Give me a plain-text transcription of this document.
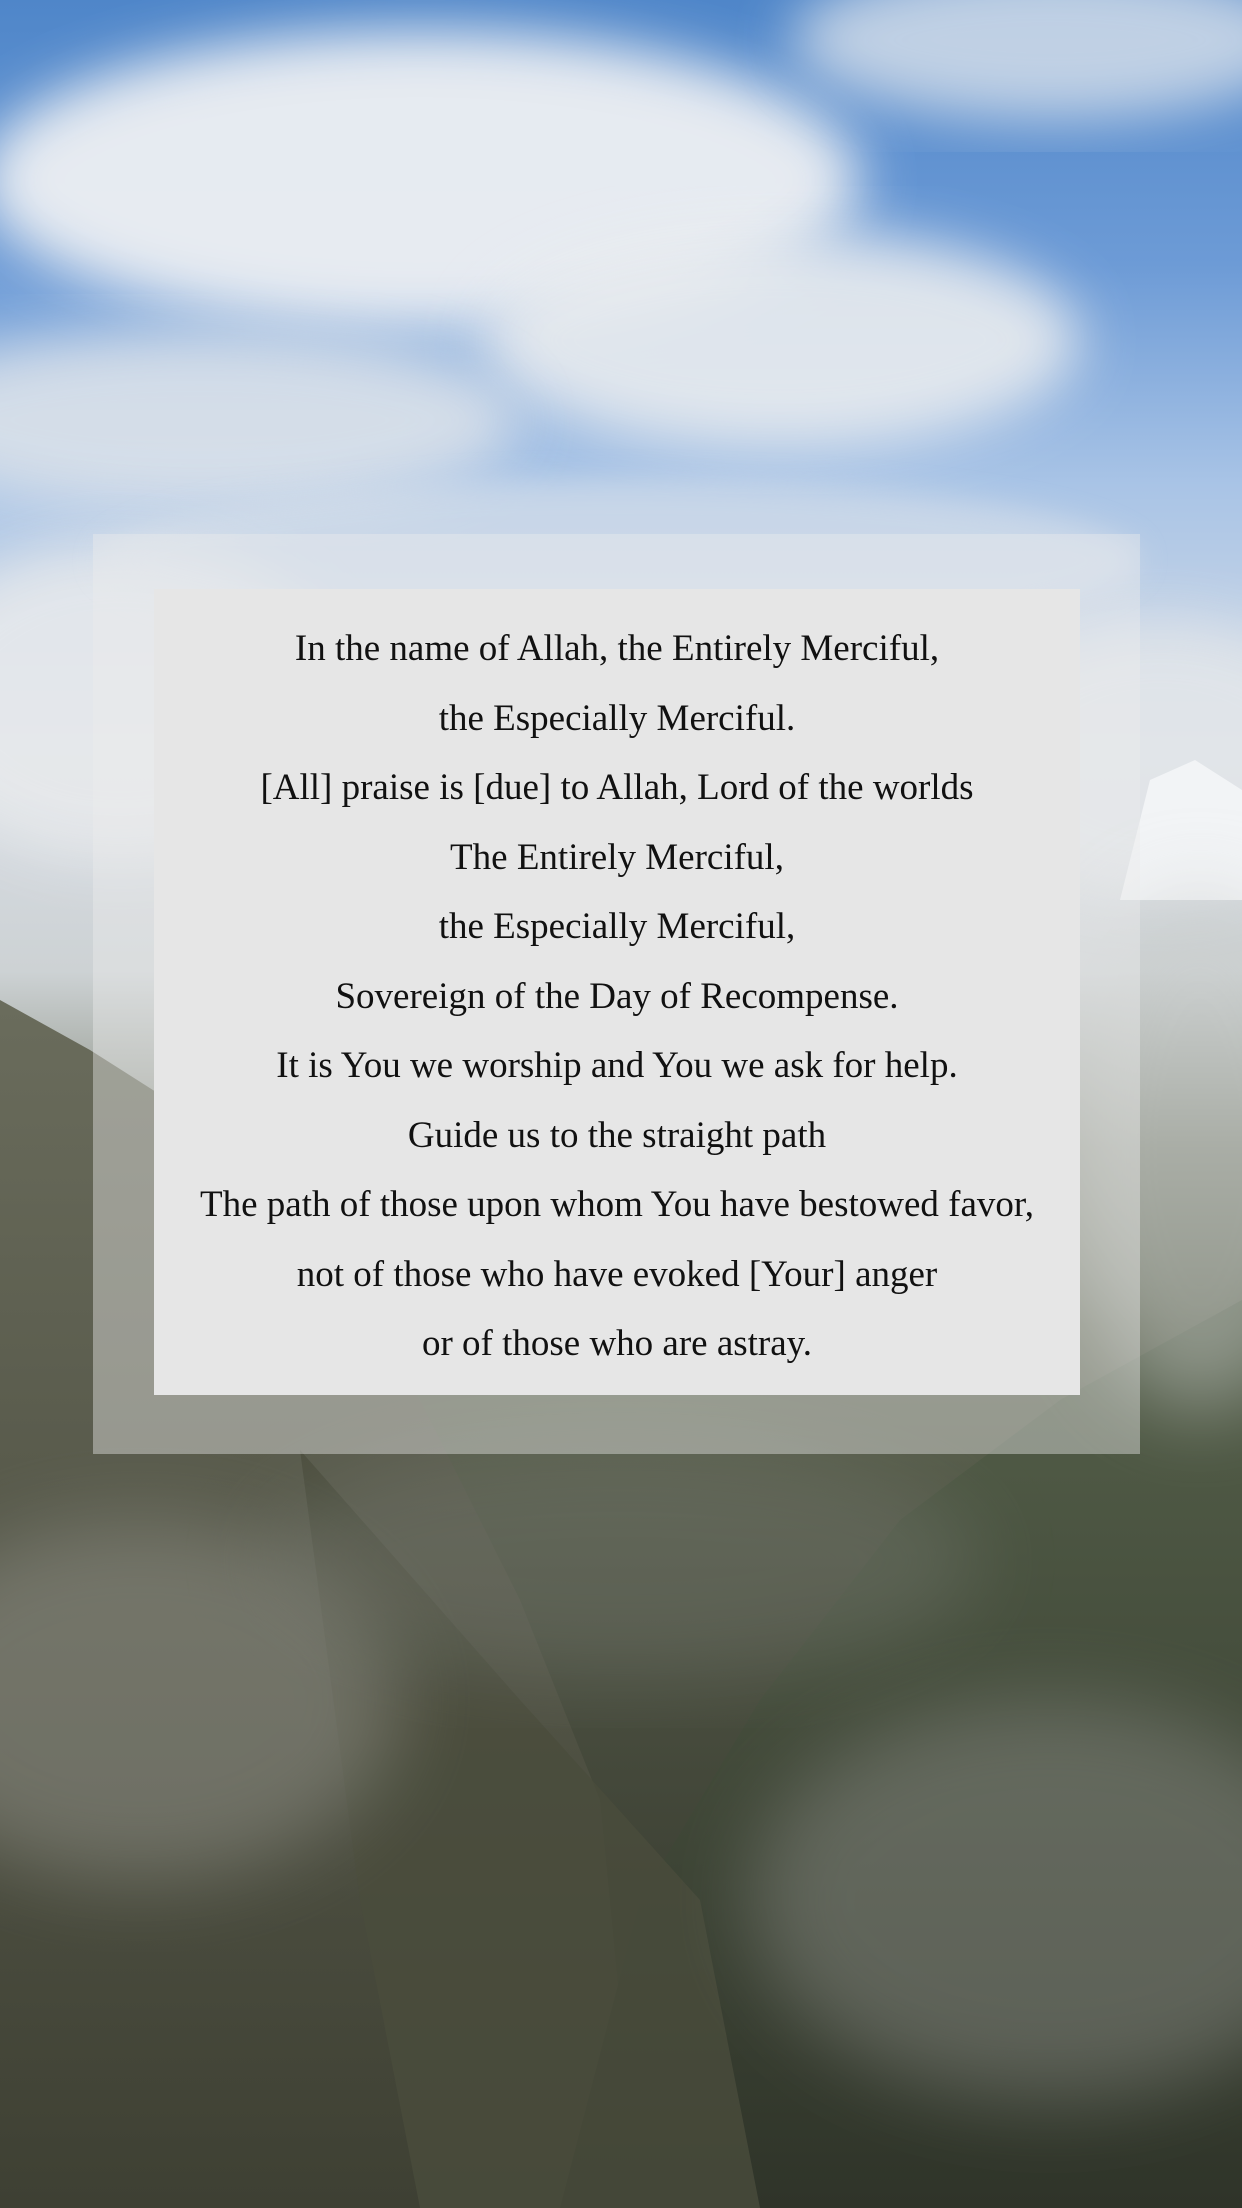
In the name of Allah, the Entirely Merciful,
the Especially Merciful.
[All] praise is [due] to Allah, Lord of the worlds
The Entirely Merciful,
the Especially Merciful,
Sovereign of the Day of Recompense.
It is You we worship and You we ask for help.
Guide us to the straight path
The path of those upon whom You have bestowed favor,
not of those who have evoked [Your] anger
or of those who are astray.
